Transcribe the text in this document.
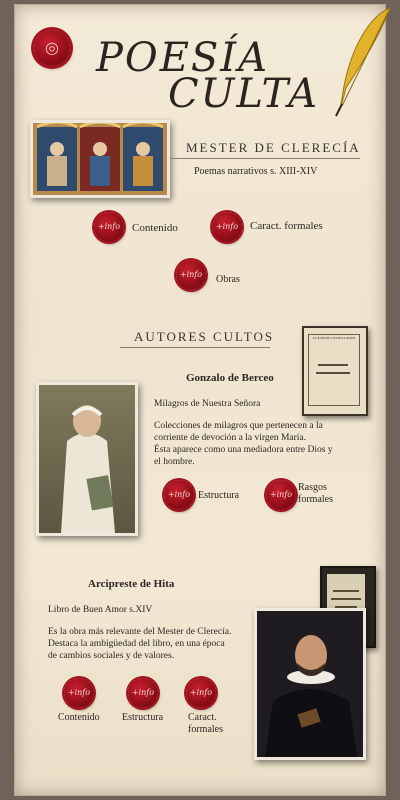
◎ POESÍA
CULTA
MESTER DE CLERECÍA
Poemas narrativos s. XIII-XIV
+info	Contenido	+info	Caract. formales
+info	Obras
AUTORES CULTOS	CLÁSICOS CASTELLANOS
Gonzalo de Berceo
Milagros de Nuestra Señora
Colecciones de milagros que pertenecen a la
corriente de devoción a la virgen María.
Ésta aparece como una mediadora entre Dios y
el hombre.
+info Estructura	+info
Rasgos
formales
Arcipreste de Hita
Libro de Buen Amor s.XIV
Es la obra más relevante del Mester de Clerecía.
Destaca la ambigüedad del libro, en una época
de cambios sociales y de valores.
+info
Contenido
+info
Estructura
+info
Caract.
formales
